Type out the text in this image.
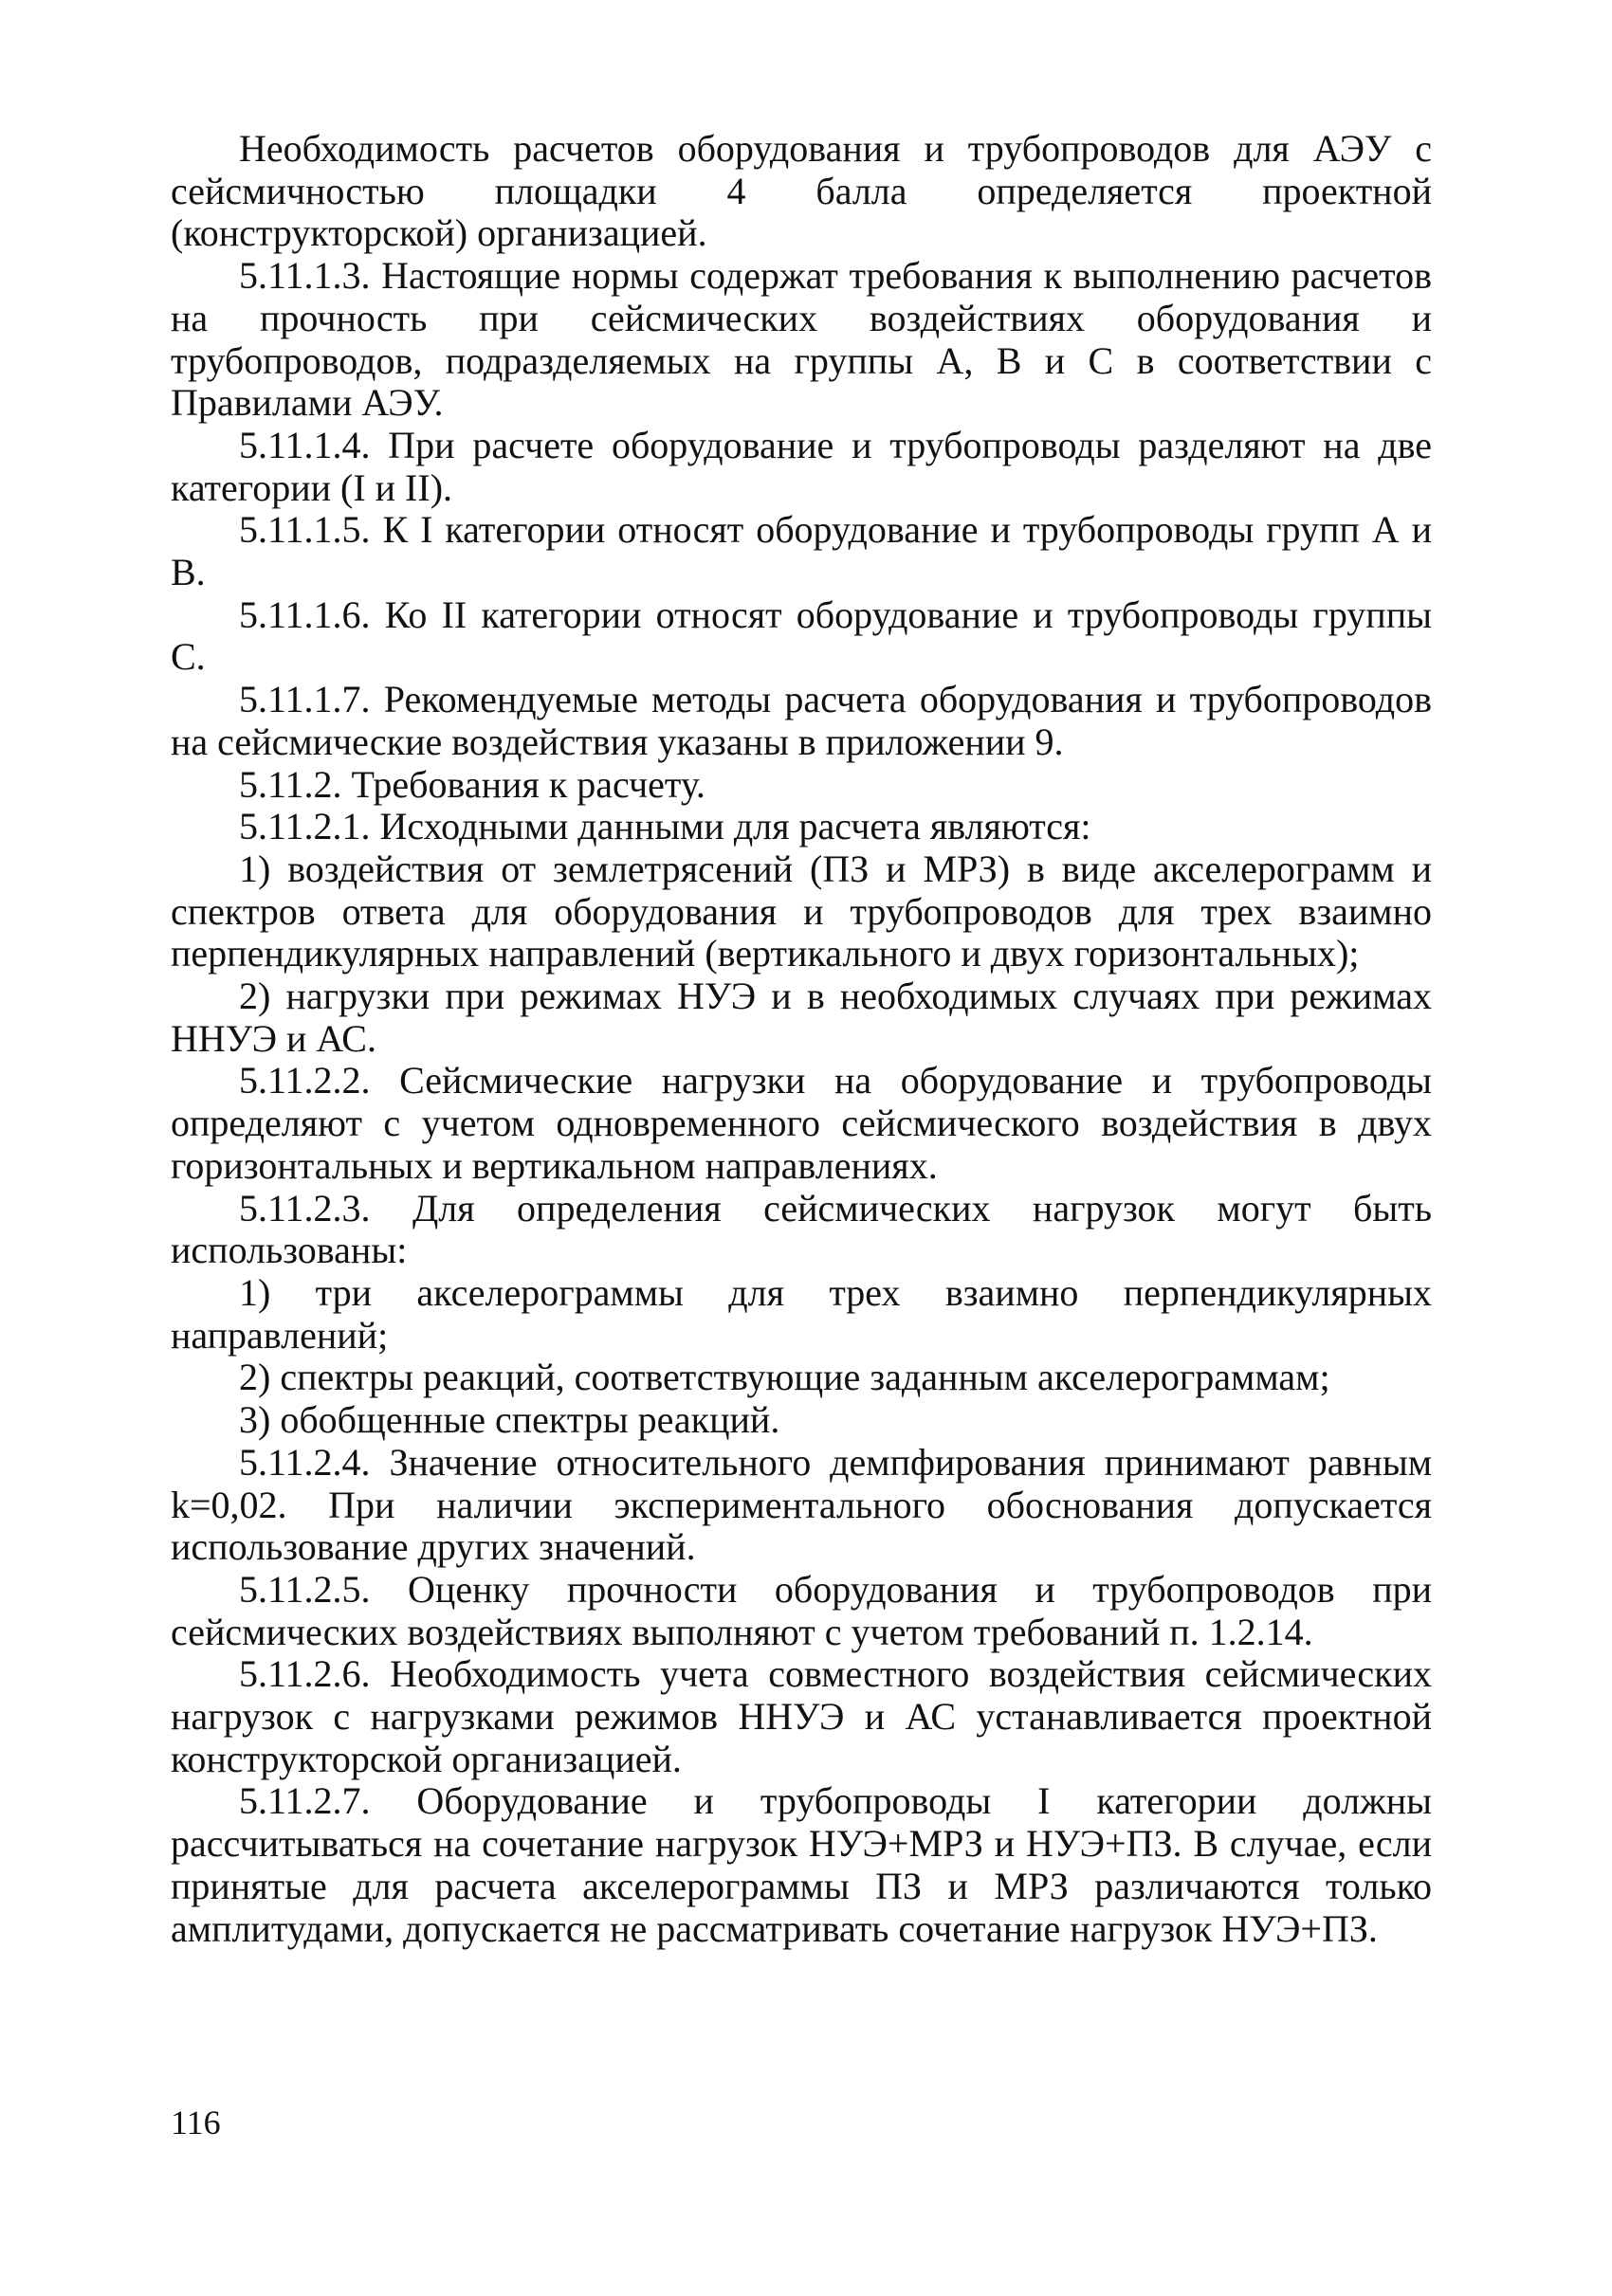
Необходимость расчетов оборудования и трубопроводов для АЭУ с сейсмичностью площадки 4 балла определяется проектной (конструкторской) организацией.

5.11.1.3. Настоящие нормы содержат требования к выполнению расчетов на прочность при сейсмических воздействиях оборудования и трубопроводов, подразделяемых на группы А, В и С в соответствии с Правилами АЭУ.

5.11.1.4. При расчете оборудование и трубопроводы разделяют на две категории (I и II).

5.11.1.5. К I категории относят оборудование и трубопроводы групп А и В.

5.11.1.6. Ко II категории относят оборудование и трубопроводы группы С.

5.11.1.7. Рекомендуемые методы расчета оборудования и трубопроводов на сейсмические воздействия указаны в приложении 9.

5.11.2. Требования к расчету.

5.11.2.1. Исходными данными для расчета являются:

1) воздействия от землетрясений (ПЗ и МРЗ) в виде акселерограмм и спектров ответа для оборудования и трубопроводов для трех взаимно перпендикулярных направлений (вертикального и двух горизонтальных);

2) нагрузки при режимах НУЭ и в необходимых случаях при режимах ННУЭ и АС.

5.11.2.2. Сейсмические нагрузки на оборудование и трубопроводы определяют с учетом одновременного сейсмического воздействия в двух горизонтальных и вертикальном направлениях.

5.11.2.3. Для определения сейсмических нагрузок могут быть использованы:

1) три акселерограммы для трех взаимно перпендикулярных направлений;

2) спектры реакций, соответствующие заданным акселерограммам;

3) обобщенные спектры реакций.

5.11.2.4. Значение относительного демпфирования принимают равным k=0,02. При наличии экспериментального обоснования допускается использование других значений.

5.11.2.5. Оценку прочности оборудования и трубопроводов при сейсмических воздействиях выполняют с учетом требований п. 1.2.14.

5.11.2.6. Необходимость учета совместного воздействия сейсмических нагрузок с нагрузками режимов ННУЭ и АС устанавливается проектной конструкторской организацией.

5.11.2.7. Оборудование и трубопроводы I категории должны рассчитываться на сочетание нагрузок НУЭ+МРЗ и НУЭ+ПЗ. В случае, если принятые для расчета акселерограммы ПЗ и МРЗ различаются только амплитудами, допускается не рассматривать сочетание нагрузок НУЭ+ПЗ.

116
